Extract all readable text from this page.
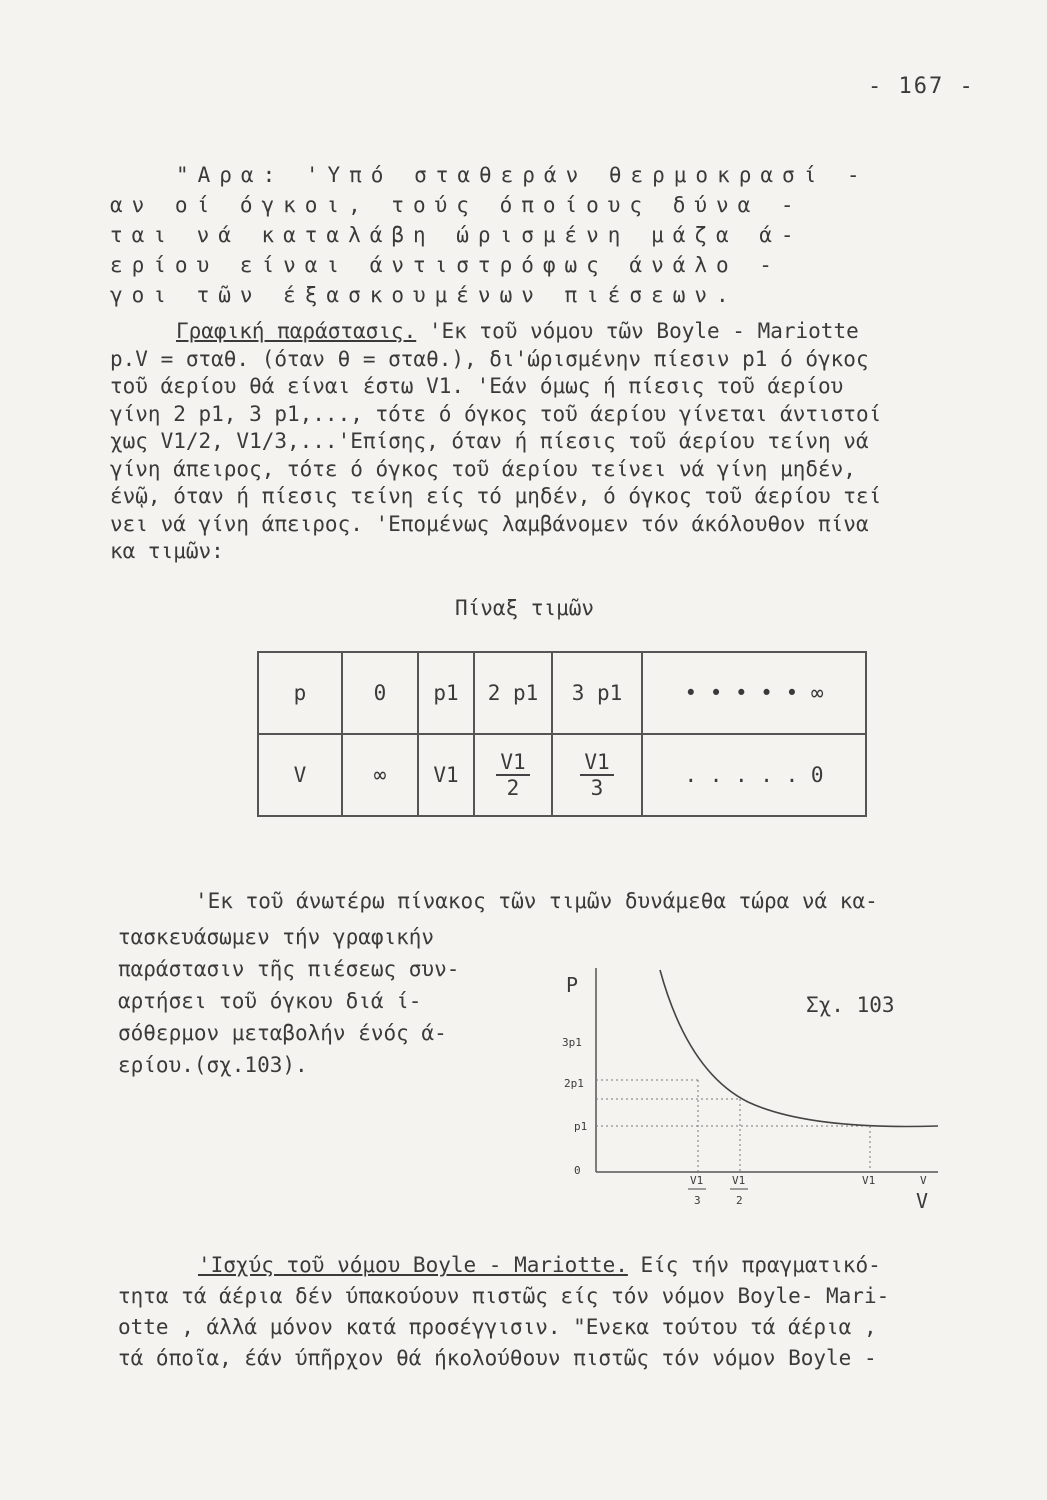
- 167 -
"Αρα: 'Υπό σταθεράν θερμοκρασί -
αν οί όγκοι, τούς όποίους δύνα -
ται νά καταλάβη ώρισμένη μάζα ά-
ερίου είναι άντιστρόφως άνάλο -
γοι τῶν έξασκουμένων πιέσεων.
Γραφική παράστασις. 'Εκ τοῦ νόμου τῶν Boyle - Mariotte
p.V = σταθ. (όταν θ = σταθ.), δι'ώρισμένην πίεσιν p1 ό όγκος
τοῦ άερίου θά είναι έστω V1. 'Εάν όμως ή πίεσις τοῦ άερίου
γίνη 2 p1, 3 p1,..., τότε ό όγκος τοῦ άερίου γίνεται άντιστοί
χως V1/2, V1/3,...'Επίσης, όταν ή πίεσις τοῦ άερίου τείνη νά
γίνη άπειρος, τότε ό όγκος τοῦ άερίου τείνει νά γίνη μηδέν,
ένῷ, όταν ή πίεσις τείνη είς τό μηδέν, ό όγκος τοῦ άερίου τεί
νει νά γίνη άπειρος. 'Επομένως λαμβάνομεν τόν άκόλουθον πίνα
κα τιμῶν:
Πίναξ τιμῶν
p	0	p1	2 p1	3 p1	• • • • • ∞
V	∞	V1	$\frac{V1}{2}$	$\frac{V1}{3}$	. . . . . 0
'Εκ τοῦ άνωτέρω πίνακος τῶν τιμῶν δυνάμεθα τώρα νά κα-
τασκευάσωμεν τήν γραφικήν
παράστασιν τῆς πιέσεως συν-
αρτήσει τοῦ όγκου διά ί-
σόθερμον μεταβολήν ένός ά-
ερίου.(σχ.103).
P
Σχ. 103
3p1
2p1
p1
0
V1
3
V1
2
V1	V
V
'Ισχύς τοῦ νόμου Boyle - Mariotte. Είς τήν πραγματικό-
τητα τά άέρια δέν ύπακούουν πιστῶς είς τόν νόμον Boyle- Mari-
otte , άλλά μόνον κατά προσέγγισιν. "Ενεκα τούτου τά άέρια ,
τά όποῖα, έάν ύπῆρχον θά ήκολούθουν πιστῶς τόν νόμον Boyle -
